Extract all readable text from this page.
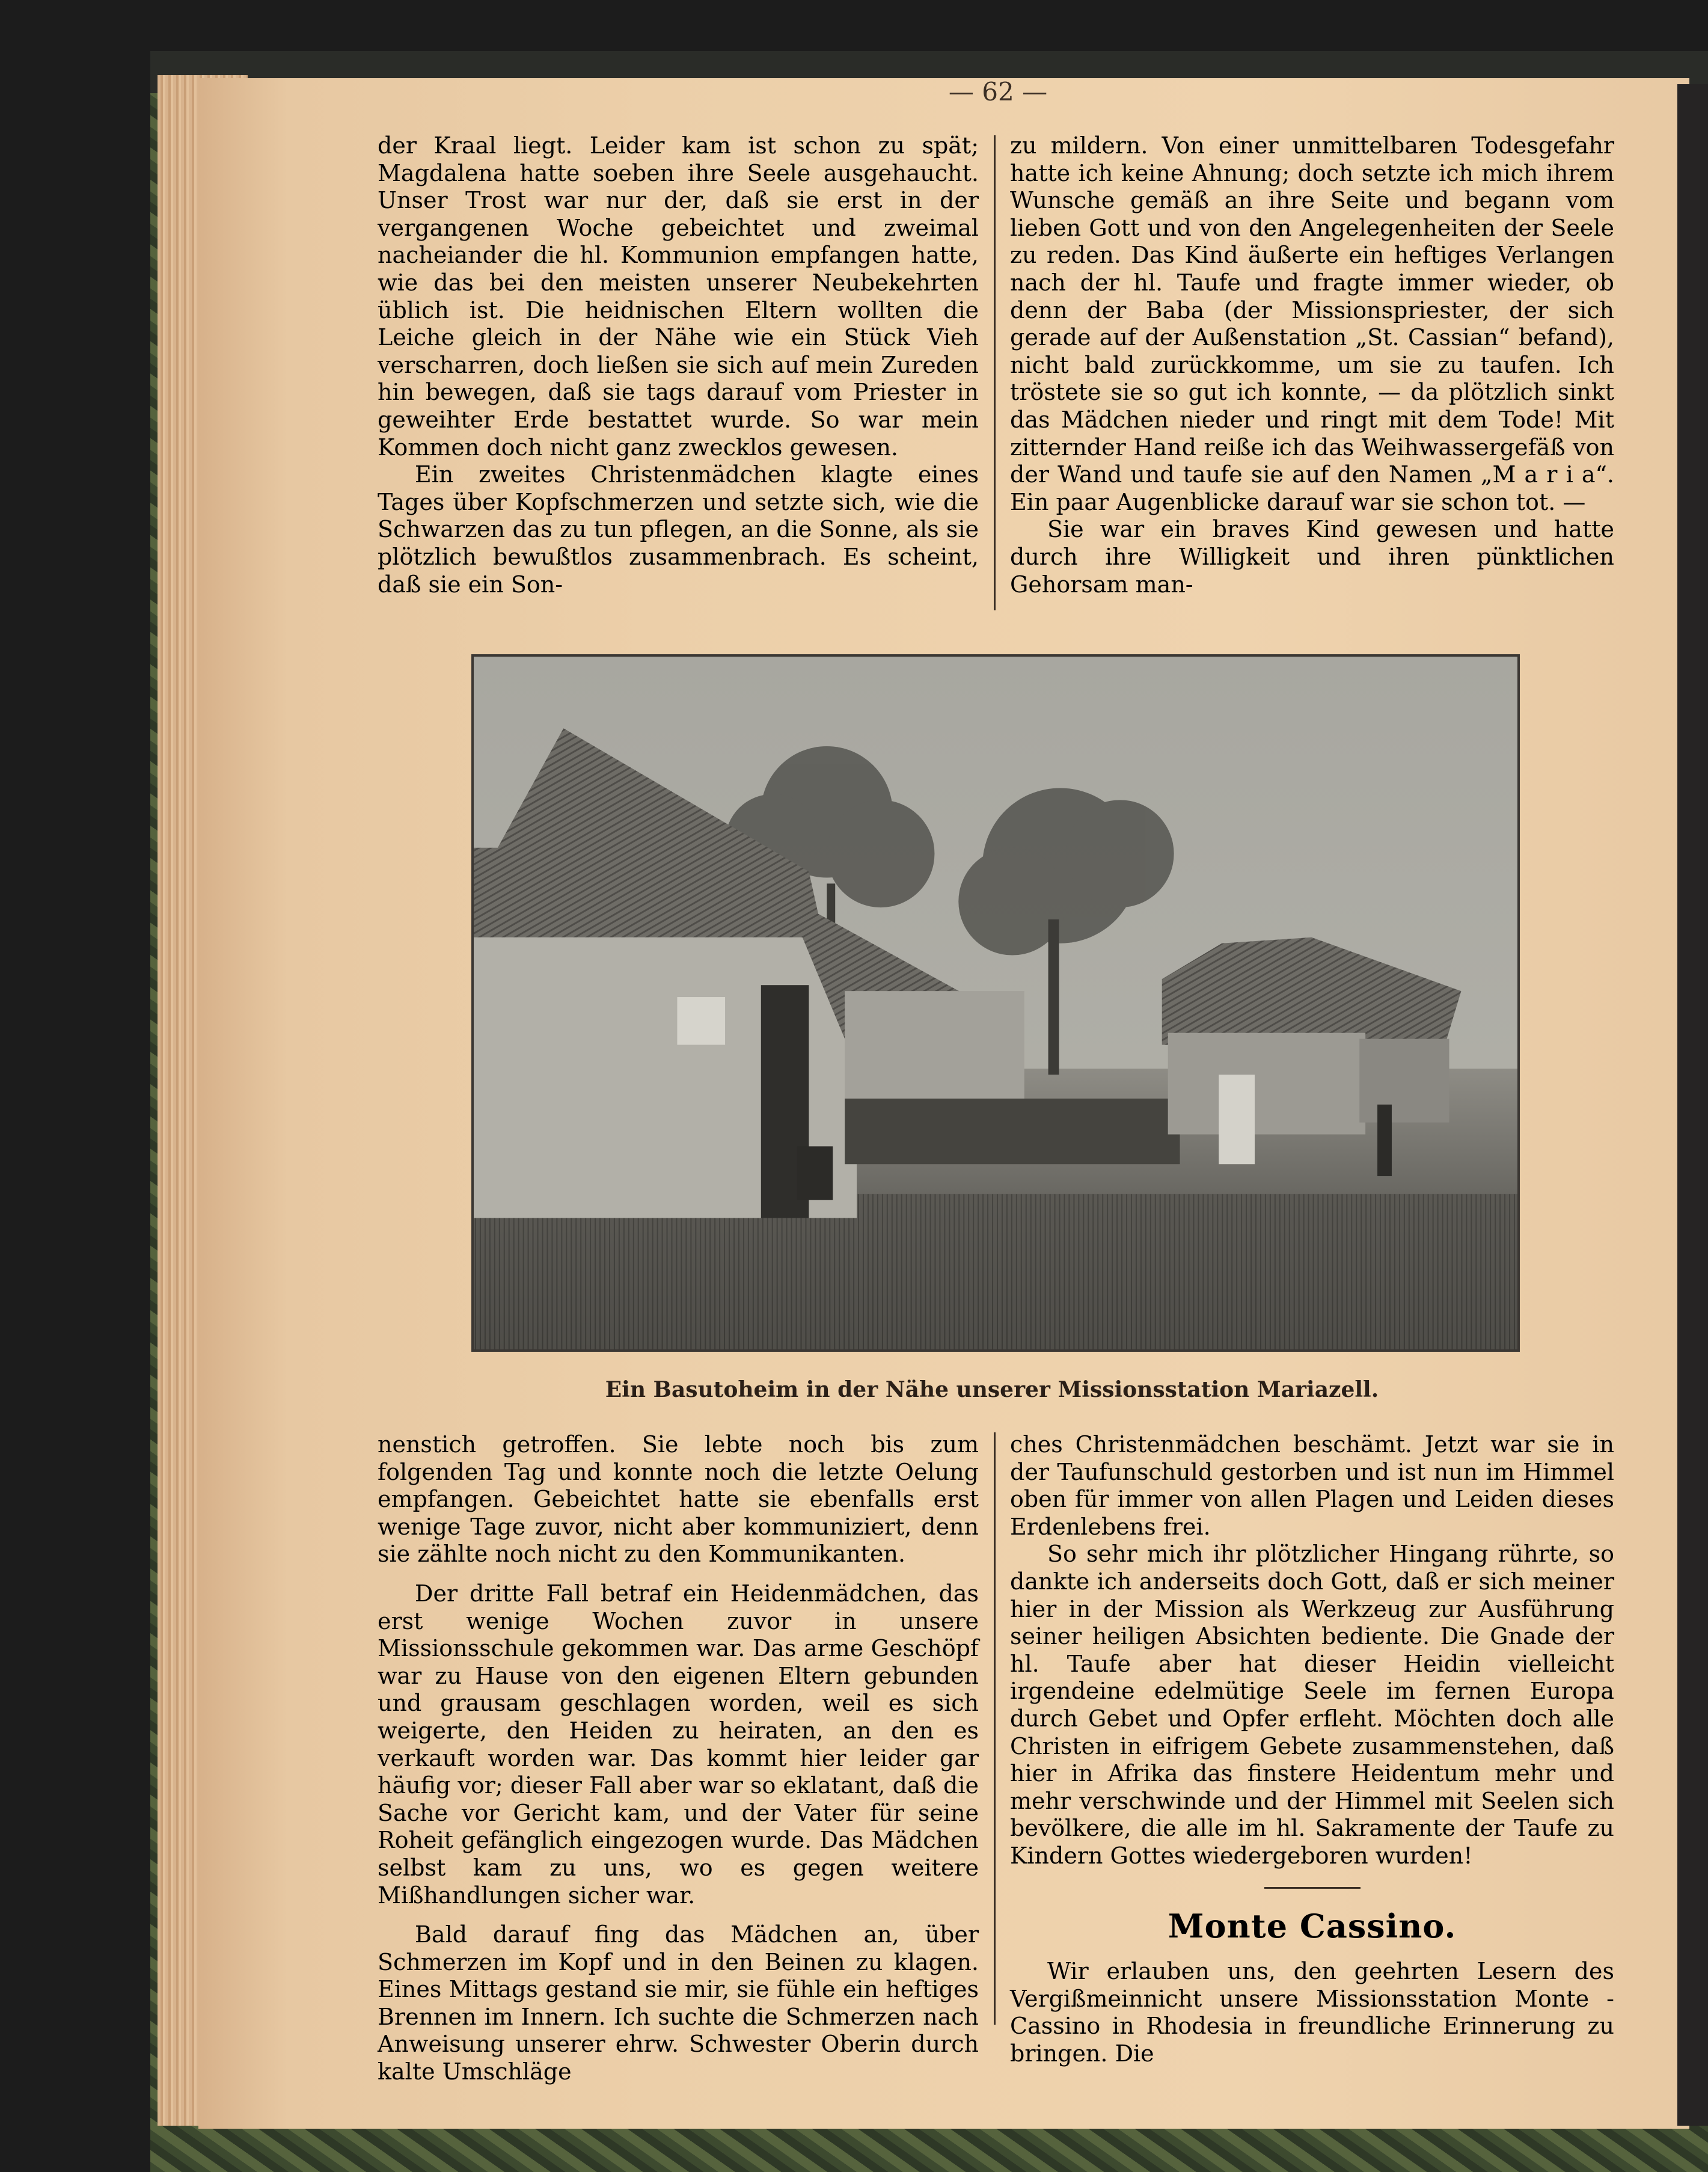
— 62 —

der Kraal liegt. Leider kam ist schon zu spät; Magdalena hatte soeben ihre Seele ausgehaucht. Unser Trost war nur der, daß sie erst in der vergangenen Woche gebeichtet und zweimal nacheiander die hl. Kommunion empfangen hatte, wie das bei den meisten unserer Neubekehrten üblich ist. Die heidnischen Eltern wollten die Leiche gleich in der Nähe wie ein Stück Vieh verscharren, doch ließen sie sich auf mein Zureden hin bewegen, daß sie tags darauf vom Priester in geweihter Erde bestattet wurde. So war mein Kommen doch nicht ganz zwecklos gewesen.

Ein zweites Christenmädchen klagte eines Tages über Kopfschmerzen und setzte sich, wie die Schwarzen das zu tun pflegen, an die Sonne, als sie plötzlich bewußtlos zusammenbrach. Es scheint, daß sie ein Son-

zu mildern. Von einer unmittelbaren Todesgefahr hatte ich keine Ahnung; doch setzte ich mich ihrem Wunsche gemäß an ihre Seite und begann vom lieben Gott und von den Angelegenheiten der Seele zu reden. Das Kind äußerte ein heftiges Verlangen nach der hl. Taufe und fragte immer wieder, ob denn der Baba (der Missionspriester, der sich gerade auf der Außenstation „St. Cassian“ befand), nicht bald zurückkomme, um sie zu taufen. Ich tröstete sie so gut ich konnte, — da plötzlich sinkt das Mädchen nieder und ringt mit dem Tode! Mit zitternder Hand reiße ich das Weihwassergefäß von der Wand und taufe sie auf den Namen „M a r i a“. Ein paar Augenblicke darauf war sie schon tot. —

Sie war ein braves Kind gewesen und hatte durch ihre Willigkeit und ihren pünktlichen Gehorsam man-

Ein Basutoheim in der Nähe unserer Missionsstation Mariazell.

nenstich getroffen. Sie lebte noch bis zum folgenden Tag und konnte noch die letzte Oelung empfangen. Gebeichtet hatte sie ebenfalls erst wenige Tage zuvor, nicht aber kommuniziert, denn sie zählte noch nicht zu den Kommunikanten.

Der dritte Fall betraf ein Heidenmädchen, das erst wenige Wochen zuvor in unsere Missionsschule gekommen war. Das arme Geschöpf war zu Hause von den eigenen Eltern gebunden und grausam geschlagen worden, weil es sich weigerte, den Heiden zu heiraten, an den es verkauft worden war. Das kommt hier leider gar häufig vor; dieser Fall aber war so eklatant, daß die Sache vor Gericht kam, und der Vater für seine Roheit gefänglich eingezogen wurde. Das Mädchen selbst kam zu uns, wo es gegen weitere Mißhandlungen sicher war.

Bald darauf fing das Mädchen an, über Schmerzen im Kopf und in den Beinen zu klagen. Eines Mittags gestand sie mir, sie fühle ein heftiges Brennen im Innern. Ich suchte die Schmerzen nach Anweisung unserer ehrw. Schwester Oberin durch kalte Umschläge

ches Christenmädchen beschämt. Jetzt war sie in der Taufunschuld gestorben und ist nun im Himmel oben für immer von allen Plagen und Leiden dieses Erdenlebens frei.

So sehr mich ihr plötzlicher Hingang rührte, so dankte ich anderseits doch Gott, daß er sich meiner hier in der Mission als Werkzeug zur Ausführung seiner heiligen Absichten bediente. Die Gnade der hl. Taufe aber hat dieser Heidin vielleicht irgendeine edelmütige Seele im fernen Europa durch Gebet und Opfer erfleht. Möchten doch alle Christen in eifrigem Gebete zusammenstehen, daß hier in Afrika das finstere Heidentum mehr und mehr verschwinde und der Himmel mit Seelen sich bevölkere, die alle im hl. Sakramente der Taufe zu Kindern Gottes wiedergeboren wurden!

Monte Cassino.

Wir erlauben uns, den geehrten Lesern des Vergißmeinnicht unsere Missionsstation Monte - Cassino in Rhodesia in freundliche Erinnerung zu bringen. Die
